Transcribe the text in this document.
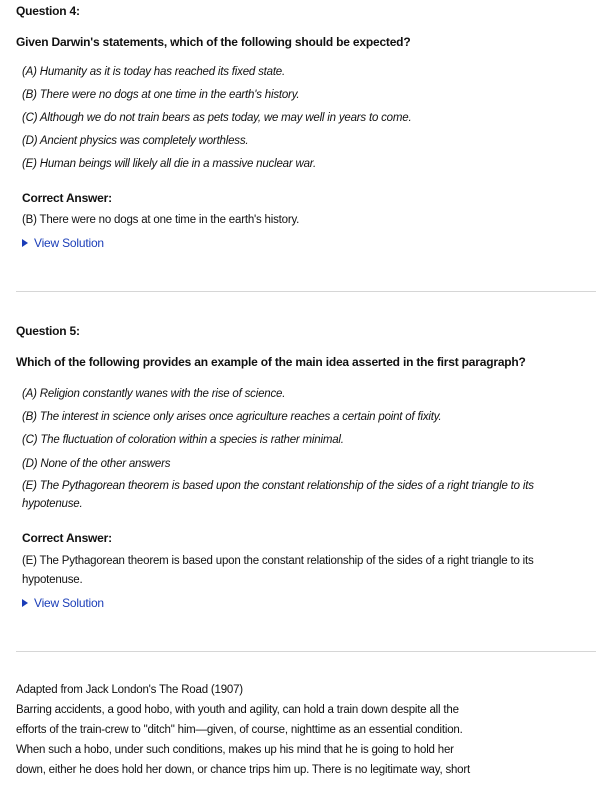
Question 4:
Given Darwin's statements, which of the following should be expected?
(A) Humanity as it is today has reached its fixed state.
(B) There were no dogs at one time in the earth's history.
(C) Although we do not train bears as pets today, we may well in years to come.
(D) Ancient physics was completely worthless.
(E) Human beings will likely all die in a massive nuclear war.
Correct Answer:
(B) There were no dogs at one time in the earth's history.
View Solution
Question 5:
Which of the following provides an example of the main idea asserted in the first paragraph?
(A) Religion constantly wanes with the rise of science.
(B) The interest in science only arises once agriculture reaches a certain point of fixity.
(C) The fluctuation of coloration within a species is rather minimal.
(D) None of the other answers
(E) The Pythagorean theorem is based upon the constant relationship of the sides of a right triangle to its hypotenuse.
Correct Answer:
(E) The Pythagorean theorem is based upon the constant relationship of the sides of a right triangle to its hypotenuse.
View Solution
Adapted from Jack London's The Road (1907)
Barring accidents, a good hobo, with youth and agility, can hold a train down despite all the
efforts of the train-crew to "ditch" him—given, of course, nighttime as an essential condition.
When such a hobo, under such conditions, makes up his mind that he is going to hold her
down, either he does hold her down, or chance trips him up. There is no legitimate way, short
